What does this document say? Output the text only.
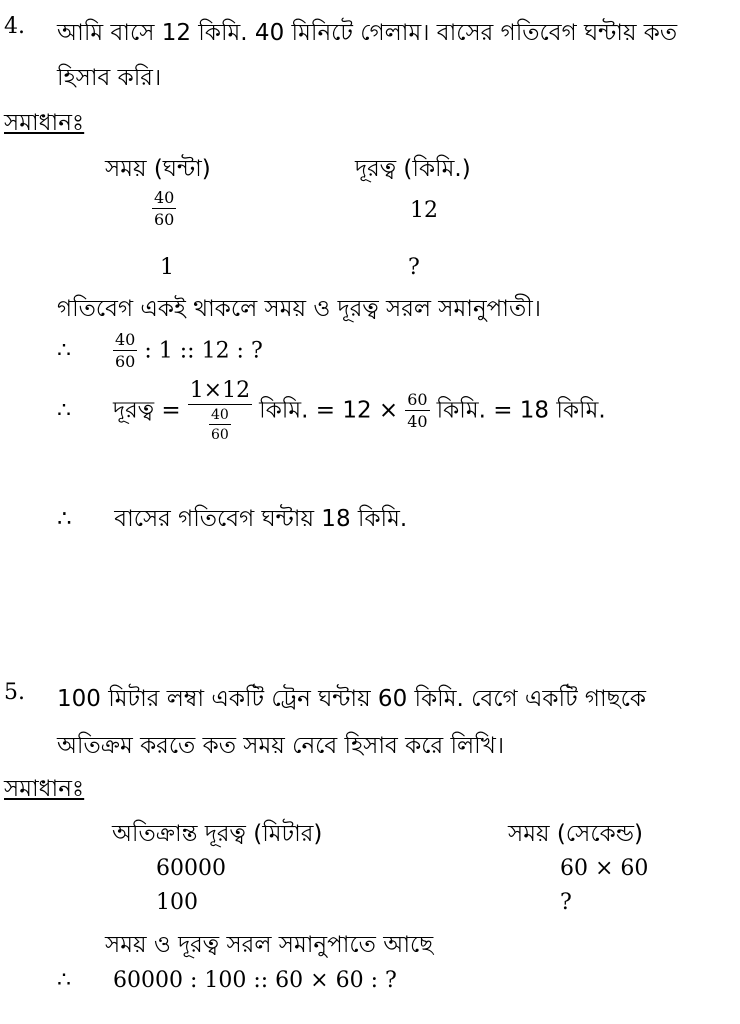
4. আমি বাসে 12 কিমি. 40 মিনিটে গেলাম। বাসের গতিবেগ ঘন্টায় কত
হিসাব করি।
সমাধানঃ
সময় (ঘন্টা)	দূরত্ব (কিমি.)
$\frac{40}{60}$	12
1	?
গতিবেগ একই থাকলে সময় ও দূরত্ব সরল সমানুপাতী।
∴	$\frac{40}{60}$ : 1 :: 12 : ?
∴ দূরত্ব = $\frac{1\times 12}{\frac{40}{60}}$ কিমি. = $12 \times \frac{60}{40}$ কিমি. = 18 কিমি.
∴ বাসের গতিবেগ ঘন্টায় 18 কিমি.
5. 100 মিটার লম্বা একটি ট্রেন ঘন্টায় 60 কিমি. বেগে একটি গাছকে
অতিক্রম করতে কত সময় নেবে হিসাব করে লিখি।
সমাধানঃ
অতিক্রান্ত দূরত্ব (মিটার)	সময় (সেকেন্ড)
60000	60 × 60
100	?
সময় ও দূরত্ব সরল সমানুপাতে আছে
∴ 60000 : 100 :: 60 × 60 : ?
